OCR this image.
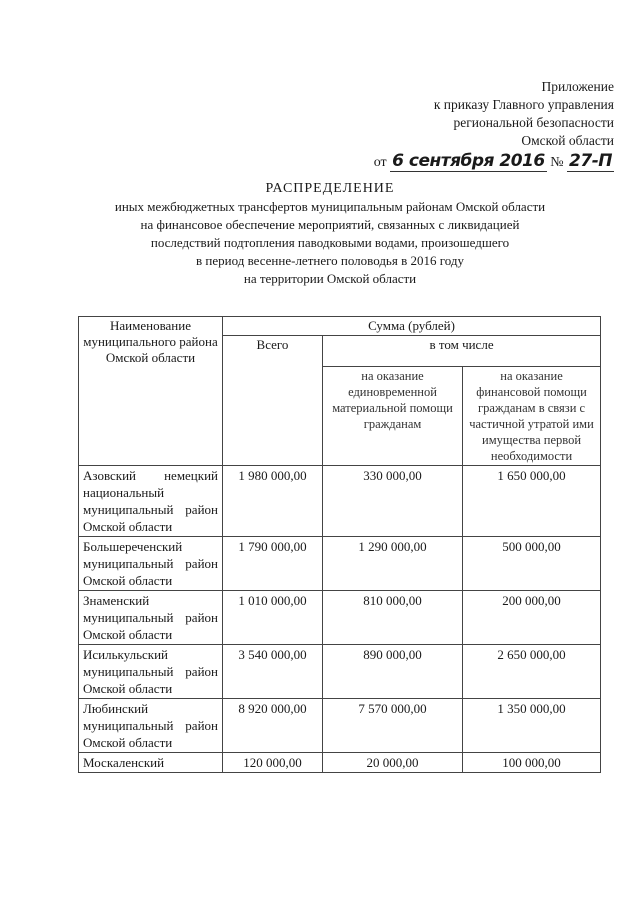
Приложение
к приказу Главного управления
региональной безопасности
Омской области
от 6 сентября 2016 № 27-П
РАСПРЕДЕЛЕНИЕ
иных межбюджетных трансфертов муниципальным районам Омской области
на финансовое обеспечение мероприятий, связанных с ликвидацией
последствий подтопления паводковыми водами, произошедшего
в период весенне-летнего половодья в 2016 году
на территории Омской области
Наименование муниципального района Омской области	Сумма (рублей)		
	Всего	в том числе	
		на оказание единовременной материальной помощи гражданам	на оказание финансовой помощи гражданам в связи с частичной утратой ими имущества первой необходимости
Азовский немецкий национальный муниципальный район Омской области	1 980 000,00	330 000,00	1 650 000,00
Большереченский муниципальный район Омской области	1 790 000,00	1 290 000,00	500 000,00
Знаменский муниципальный район Омской области	1 010 000,00	810 000,00	200 000,00
Исилькульский муниципальный район Омской области	3 540 000,00	890 000,00	2 650 000,00
Любинский муниципальный район Омской области	8 920 000,00	7 570 000,00	1 350 000,00
Москаленский	120 000,00	20 000,00	100 000,00
